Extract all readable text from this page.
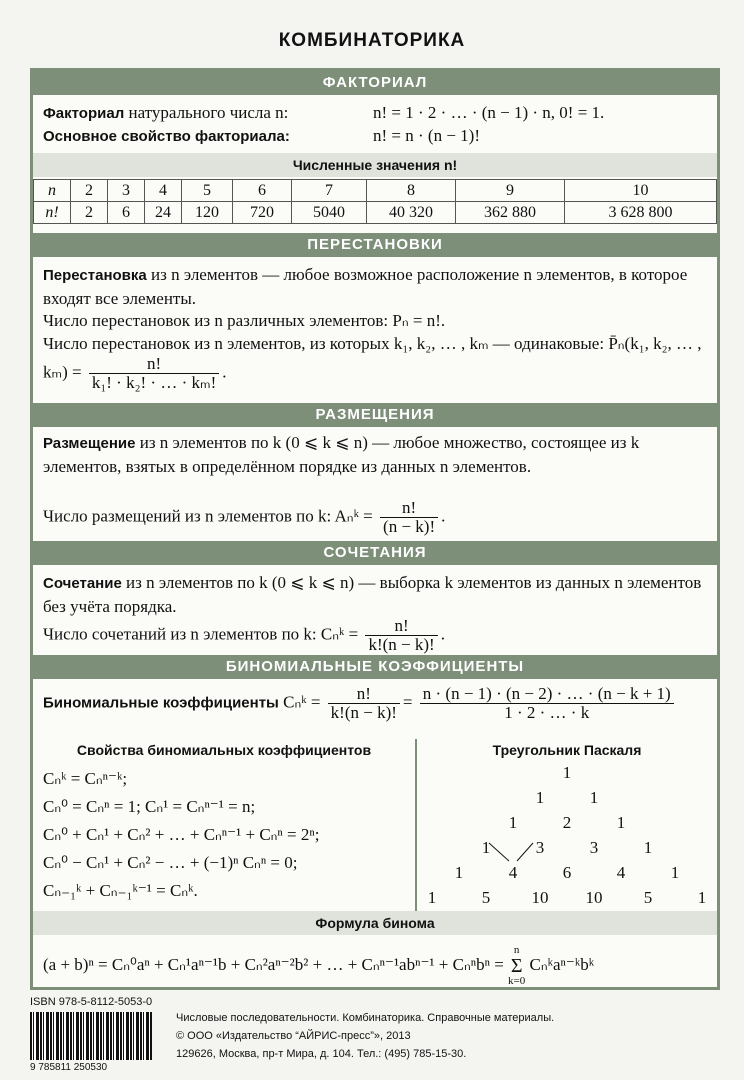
КОМБИНАТОРИКА
ФАКТОРИАЛ
Факториал натурального числа n:	n! = 1 · 2 · … · (n − 1) · n, 0! = 1.
Основное свойство факториала:	n! = n · (n − 1)!
Численные значения n!
n	2	3	4	5	6	7	8	9	10
n!	2	6	24	120	720	5040	40 320	362 880	3 628 800
ПЕРЕСТАНОВКИ
Перестановка из n элементов — любое возможное расположение n элементов, в которое входят все элементы.
Число перестановок из n различных элементов: Pₙ = n!.
Число перестановок из n элементов, из которых k₁, k₂, … , kₘ — одинаковые: P̄ₙ(k₁, k₂, … , $k_m) = \frac{n!}{\text{k₁! · k₂! · … · kₘ!}}$ .
РАЗМЕЩЕНИЯ
Размещение из n элементов по k (0 ⩽ k ⩽ n) — любое множество, состоящее из k элементов, взятых в определённом порядке из данных n элементов.
Число размещений из n элементов по k: Aₙᵏ = $\frac{n!}{(n - k)!}$ .
СОЧЕТАНИЯ
Сочетание из n элементов по k (0 ⩽ k ⩽ n) — выборка k элементов из данных n элементов без учёта порядка.
Число сочетаний из n элементов по k: Cₙᵏ = $\frac{n!}{k!(n - k)!}$ .
БИНОМИАЛЬНЫЕ КОЭФФИЦИЕНТЫ
Биномиальные коэффициенты Cₙᵏ = $\frac{n!}{k!(n - k)!} = \frac{n \cdot (n - 1) \cdot (n - 2) \cdot \dots \cdot (n - k + 1)}{1 \cdot 2 \cdot \dots \cdot k}$
Свойства биномиальных коэффициентов	Треугольник Паскаля
Cₙᵏ = Cₙⁿ⁻ᵏ;
Cₙ⁰ = Cₙⁿ = 1; Cₙ¹ = Cₙⁿ⁻¹ = n;
Cₙ⁰ + Cₙ¹ + Cₙ² + … + Cₙⁿ⁻¹ + Cₙⁿ = 2ⁿ;
Cₙ⁰ − Cₙ¹ + Cₙ² − … + (−1)ⁿ Cₙⁿ = 0;
Cₙ₋₁ᵏ + Cₙ₋₁ᵏ⁻¹ = Cₙᵏ.
1
1	1
1	2	1
1	3	3	1
1	4	6	4	1
1	5	10	10	5	1
Формула бинома
(a + b)ⁿ = Cₙ⁰aⁿ + Cₙ¹aⁿ⁻¹b + Cₙ²aⁿ⁻²b² + … + Cₙⁿ⁻¹abⁿ⁻¹ + Cₙⁿbⁿ =
n
Σ
k=0
Cₙᵏaⁿ⁻ᵏbᵏ
ISBN 978-5-8112-5053-0
9 785811 250530
Числовые последовательности. Комбинаторика. Справочные материалы.
© ООО «Издательство “АЙРИС-пресс”», 2013
129626, Москва, пр-т Мира, д. 104. Тел.: (495) 785-15-30.
